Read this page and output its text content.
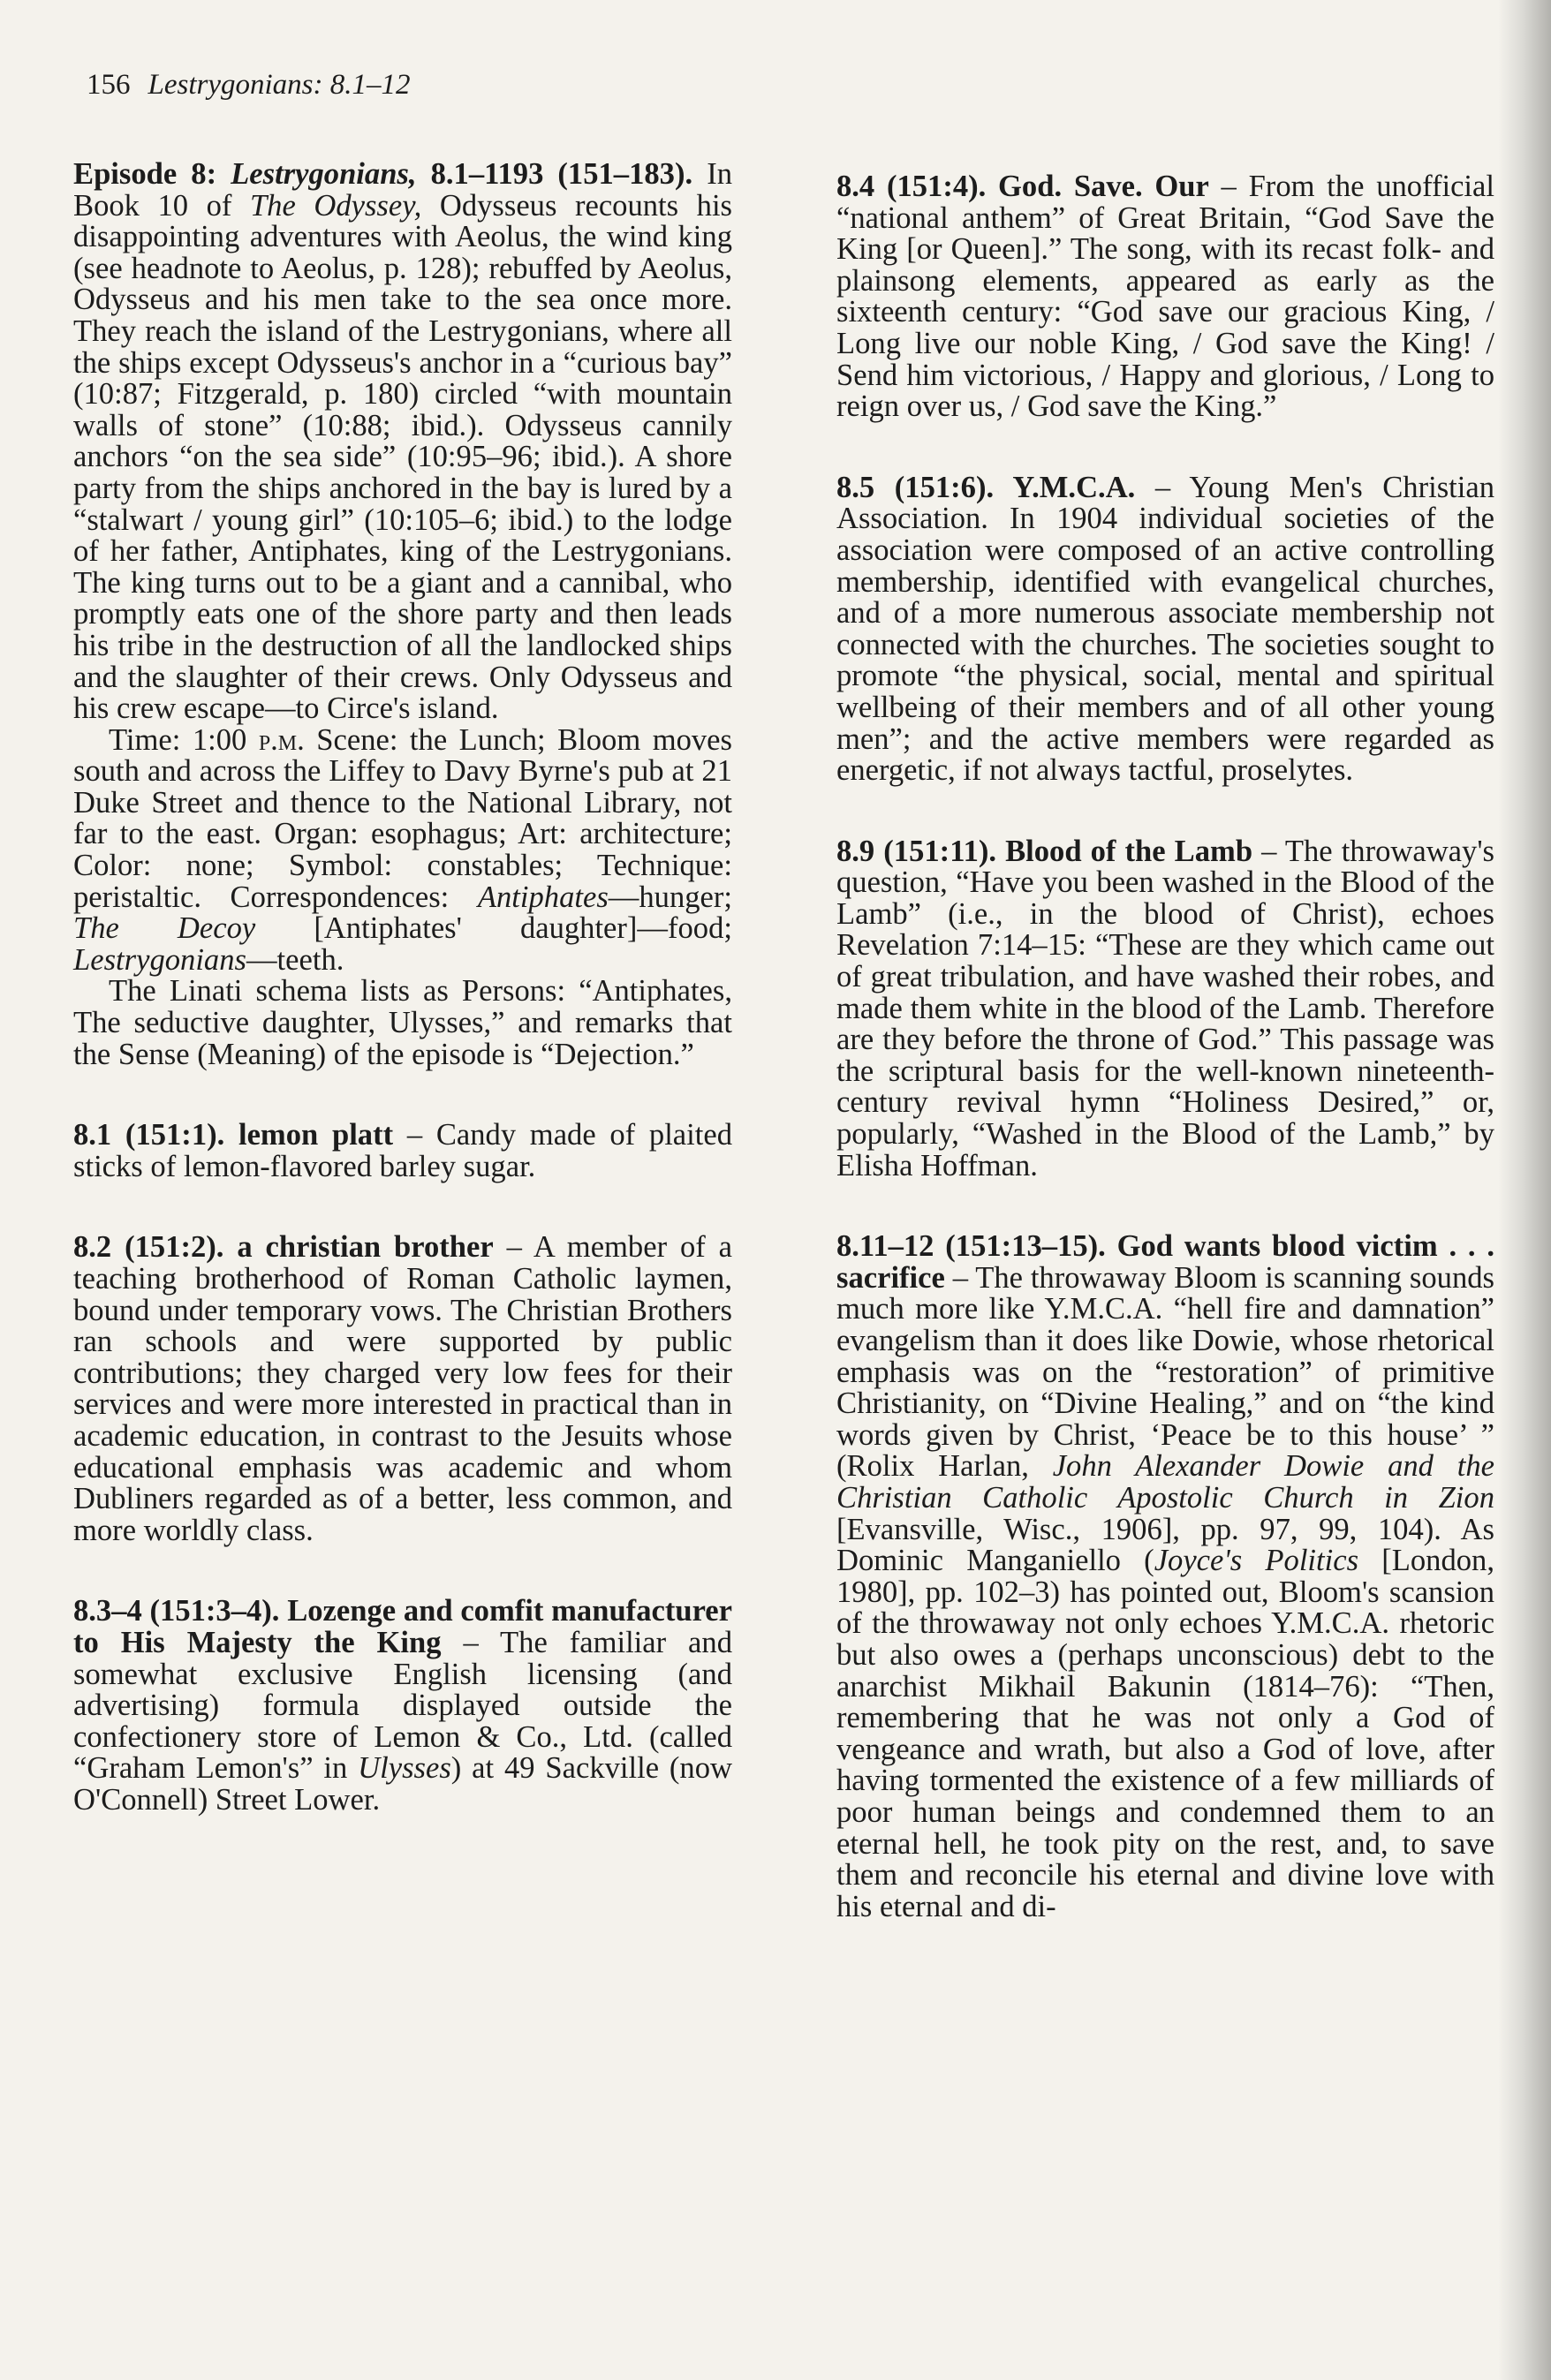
156 Lestrygonians: 8.1–12

Episode 8: Lestrygonians, 8.1–1193 (151–183). In Book 10 of The Odyssey, Odysseus recounts his disappointing adventures with Aeolus, the wind king (see headnote to Aeolus, p. 128); rebuffed by Aeolus, Odysseus and his men take to the sea once more. They reach the island of the Lestrygonians, where all the ships except Odysseus's anchor in a “curious bay” (10:87; Fitzgerald, p. 180) circled “with mountain walls of stone” (10:88; ibid.). Odysseus cannily anchors “on the sea side” (10:95–96; ibid.). A shore party from the ships anchored in the bay is lured by a “stalwart / young girl” (10:105–6; ibid.) to the lodge of her father, Antiphates, king of the Lestrygonians. The king turns out to be a giant and a cannibal, who promptly eats one of the shore party and then leads his tribe in the destruction of all the landlocked ships and the slaughter of their crews. Only Odysseus and his crew escape—to Circe's island.

Time: 1:00 p.m. Scene: the Lunch; Bloom moves south and across the Liffey to Davy Byrne's pub at 21 Duke Street and thence to the National Library, not far to the east. Organ: esophagus; Art: architecture; Color: none; Symbol: constables; Technique: peristaltic. Correspondences: Antiphates—hunger; The Decoy [Antiphates' daughter]—food; Lestrygonians—teeth.

The Linati schema lists as Persons: “Antiphates, The seductive daughter, Ulysses,” and remarks that the Sense (Meaning) of the episode is “Dejection.”

8.1 (151:1). lemon platt – Candy made of plaited sticks of lemon-flavored barley sugar.

8.2 (151:2). a christian brother – A member of a teaching brotherhood of Roman Catholic laymen, bound under temporary vows. The Christian Brothers ran schools and were supported by public contributions; they charged very low fees for their services and were more interested in practical than in academic education, in contrast to the Jesuits whose educational emphasis was academic and whom Dubliners regarded as of a better, less common, and more worldly class.

8.3–4 (151:3–4). Lozenge and comfit manufacturer to His Majesty the King – The familiar and somewhat exclusive English licensing (and advertising) formula displayed outside the confectionery store of Lemon & Co., Ltd. (called “Graham Lemon's” in Ulysses) at 49 Sackville (now O'Connell) Street Lower.

8.4 (151:4). God. Save. Our – From the unofficial “national anthem” of Great Britain, “God Save the King [or Queen].” The song, with its recast folk- and plainsong elements, appeared as early as the sixteenth century: “God save our gracious King, / Long live our noble King, / God save the King! / Send him victorious, / Happy and glorious, / Long to reign over us, / God save the King.”

8.5 (151:6). Y.M.C.A. – Young Men's Christian Association. In 1904 individual societies of the association were composed of an active controlling membership, identified with evangelical churches, and of a more numerous associate membership not connected with the churches. The societies sought to promote “the physical, social, mental and spiritual wellbeing of their members and of all other young men”; and the active members were regarded as energetic, if not always tactful, proselytes.

8.9 (151:11). Blood of the Lamb – The throwaway's question, “Have you been washed in the Blood of the Lamb” (i.e., in the blood of Christ), echoes Revelation 7:14–15: “These are they which came out of great tribulation, and have washed their robes, and made them white in the blood of the Lamb. Therefore are they before the throne of God.” This passage was the scriptural basis for the well-known nineteenth-century revival hymn “Holiness Desired,” or, popularly, “Washed in the Blood of the Lamb,” by Elisha Hoffman.

8.11–12 (151:13–15). God wants blood victim . . . sacrifice – The throwaway Bloom is scanning sounds much more like Y.M.C.A. “hell fire and damnation” evangelism than it does like Dowie, whose rhetorical emphasis was on the “restoration” of primitive Christianity, on “Divine Healing,” and on “the kind words given by Christ, ‘Peace be to this house’ ” (Rolix Harlan, John Alexander Dowie and the Christian Catholic Apostolic Church in Zion [Evansville, Wisc., 1906], pp. 97, 99, 104). As Dominic Manganiello (Joyce's Politics [London, 1980], pp. 102–3) has pointed out, Bloom's scansion of the throwaway not only echoes Y.M.C.A. rhetoric but also owes a (perhaps unconscious) debt to the anarchist Mikhail Bakunin (1814–76): “Then, remembering that he was not only a God of vengeance and wrath, but also a God of love, after having tormented the existence of a few milliards of poor human beings and condemned them to an eternal hell, he took pity on the rest, and, to save them and reconcile his eternal and divine love with his eternal and di-
